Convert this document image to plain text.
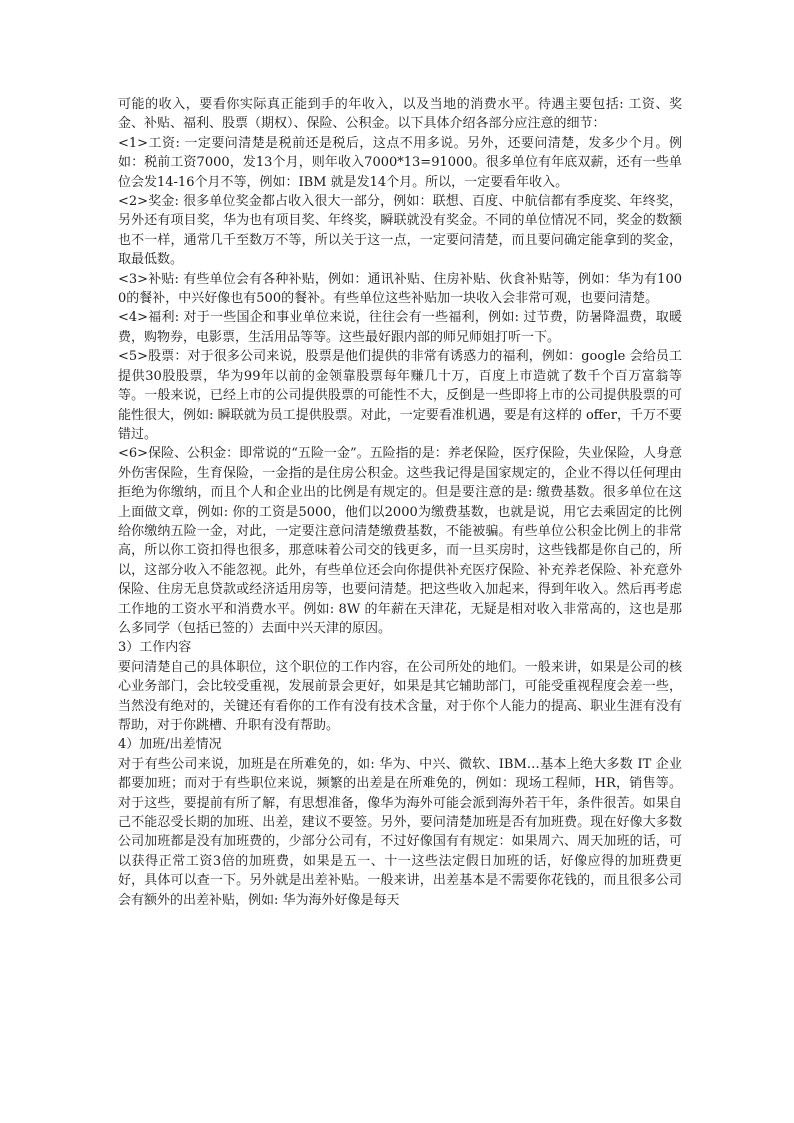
可能的收入，要看你实际真正能到手的年收入，以及当地的消费水平。待遇主要包括: 工资、奖金、补贴、福利、股票（期权）、保险、公积金。以下具体介绍各部分应注意的细节：

<1>工资: 一定要问清楚是税前还是税后，这点不用多说。另外，还要问清楚，发多少个月。例如：税前工资7000，发13个月，则年收入7000*13=91000。很多单位有年底双薪，还有一些单位会发14-16个月不等，例如：IBM 就是发14个月。所以，一定要看年收入。

<2>奖金: 很多单位奖金都占收入很大一部分，例如：联想、百度、中航信都有季度奖、年终奖，另外还有项目奖，华为也有项目奖、年终奖，瞬联就没有奖金。不同的单位情况不同，奖金的数额也不一样，通常几千至数万不等，所以关于这一点，一定要问清楚，而且要问确定能拿到的奖金，取最低数。

<3>补贴: 有些单位会有各种补贴，例如：通讯补贴、住房补贴、伙食补贴等，例如：华为有1000的餐补，中兴好像也有500的餐补。有些单位这些补贴加一块收入会非常可观，也要问清楚。

<4>福利: 对于一些国企和事业单位来说，往往会有一些福利，例如: 过节费，防暑降温费，取暖费，购物券，电影票，生活用品等等。这些最好跟内部的师兄师姐打听一下。

<5>股票：对于很多公司来说，股票是他们提供的非常有诱惑力的福利，例如：google 会给员工提供30股股票，华为99年以前的金领靠股票每年赚几十万，百度上市造就了数千个百万富翁等等。一般来说，已经上市的公司提供股票的可能性不大，反倒是一些即将上市的公司提供股票的可能性很大，例如: 瞬联就为员工提供股票。对此，一定要看准机遇，要是有这样的 offer，千万不要错过。

<6>保险、公积金：即常说的“五险一金”。五险指的是：养老保险，医疗保险，失业保险，人身意外伤害保险，生育保险，一金指的是住房公积金。这些我记得是国家规定的，企业不得以任何理由拒绝为你缴纳，而且个人和企业出的比例是有规定的。但是要注意的是: 缴费基数。很多单位在这上面做文章，例如: 你的工资是5000，他们以2000为缴费基数，也就是说，用它去乘固定的比例给你缴纳五险一金，对此，一定要注意问清楚缴费基数，不能被骗。有些单位公积金比例上的非常高，所以你工资扣得也很多，那意味着公司交的钱更多，而一旦买房时，这些钱都是你自己的，所以，这部分收入不能忽视。此外，有些单位还会向你提供补充医疗保险、补充养老保险、补充意外保险、住房无息贷款或经济适用房等，也要问清楚。把这些收入加起来，得到年收入。然后再考虑工作地的工资水平和消费水平。例如: 8W 的年薪在天津花，无疑是相对收入非常高的，这也是那么多同学（包括已签的）去面中兴天津的原因。

3）工作内容

要问清楚自己的具体职位，这个职位的工作内容，在公司所处的地们。一般来讲，如果是公司的核心业务部门，会比较受重视，发展前景会更好，如果是其它辅助部门，可能受重视程度会差一些，当然没有绝对的，关键还有看你的工作有没有技术含量，对于你个人能力的提高、职业生涯有没有帮助，对于你跳槽、升职有没有帮助。

4）加班/出差情况

对于有些公司来说，加班是在所难免的，如: 华为、中兴、微软、IBM…基本上绝大多数 IT 企业都要加班；而对于有些职位来说，频繁的出差是在所难免的，例如：现场工程师，HR，销售等。对于这些，要提前有所了解，有思想准备，像华为海外可能会派到海外若干年，条件很苦。如果自己不能忍受长期的加班、出差，建议不要签。另外，要问清楚加班是否有加班费。现在好像大多数公司加班都是没有加班费的，少部分公司有，不过好像国有有规定：如果周六、周天加班的话，可以获得正常工资3倍的加班费，如果是五一、十一这些法定假日加班的话，好像应得的加班费更好，具体可以查一下。另外就是出差补贴。一般来讲，出差基本是不需要你花钱的，而且很多公司会有额外的出差补贴，例如: 华为海外好像是每天
